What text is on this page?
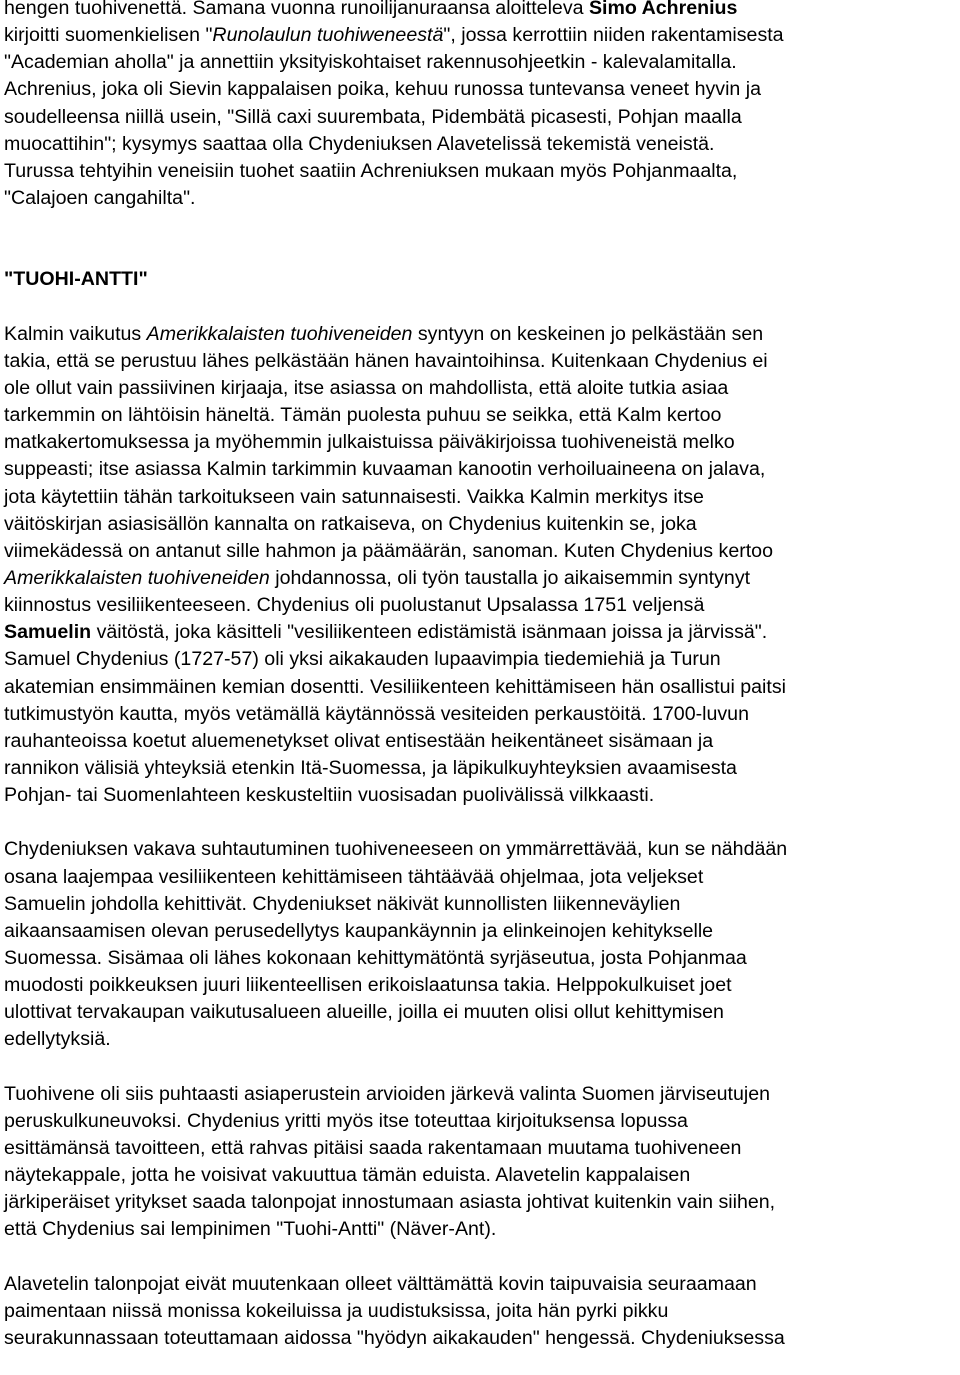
hengen tuohivenettä. Samana vuonna runoilijanuraansa aloitteleva Simo Achrenius
kirjoitti suomenkielisen "Runolaulun tuohiweneestä", jossa kerrottiin niiden rakentamisesta
"Academian aholla" ja annettiin yksityiskohtaiset rakennusohjeetkin - kalevalamitalla.
Achrenius, joka oli Sievin kappalaisen poika, kehuu runossa tuntevansa veneet hyvin ja
soudelleensa niillä usein, "Sillä caxi suurembata, Pidembätä picasesti, Pohjan maalla
muocattihin"; kysymys saattaa olla Chydeniuksen Alavetelissä tekemistä veneistä.
Turussa tehtyihin veneisiin tuohet saatiin Achreniuksen mukaan myös Pohjanmaalta,
"Calajoen cangahilta".

"TUOHI-ANTTI"

Kalmin vaikutus Amerikkalaisten tuohiveneiden syntyyn on keskeinen jo pelkästään sen
takia, että se perustuu lähes pelkästään hänen havaintoihinsa. Kuitenkaan Chydenius ei
ole ollut vain passiivinen kirjaaja, itse asiassa on mahdollista, että aloite tutkia asiaa
tarkemmin on lähtöisin häneltä. Tämän puolesta puhuu se seikka, että Kalm kertoo
matkakertomuksessa ja myöhemmin julkaistuissa päiväkirjoissa tuohiveneistä melko
suppeasti; itse asiassa Kalmin tarkimmin kuvaaman kanootin verhoiluaineena on jalava,
jota käytettiin tähän tarkoitukseen vain satunnaisesti. Vaikka Kalmin merkitys itse
väitöskirjan asiasisällön kannalta on ratkaiseva, on Chydenius kuitenkin se, joka
viimekädessä on antanut sille hahmon ja päämäärän, sanoman. Kuten Chydenius kertoo
Amerikkalaisten tuohiveneiden johdannossa, oli työn taustalla jo aikaisemmin syntynyt
kiinnostus vesiliikenteeseen. Chydenius oli puolustanut Upsalassa 1751 veljensä
Samuelin väitöstä, joka käsitteli "vesiliikenteen edistämistä isänmaan joissa ja järvissä".
Samuel Chydenius (1727-57) oli yksi aikakauden lupaavimpia tiedemiehiä ja Turun
akatemian ensimmäinen kemian dosentti. Vesiliikenteen kehittämiseen hän osallistui paitsi
tutkimustyön kautta, myös vetämällä käytännössä vesiteiden perkaustöitä. 1700-luvun
rauhanteoissa koetut aluemenetykset olivat entisestään heikentäneet sisämaan ja
rannikon välisiä yhteyksiä etenkin Itä-Suomessa, ja läpikulkuyhteyksien avaamisesta
Pohjan- tai Suomenlahteen keskusteltiin vuosisadan puolivälissä vilkkaasti.

Chydeniuksen vakava suhtautuminen tuohiveneeseen on ymmärrettävää, kun se nähdään
osana laajempaa vesiliikenteen kehittämiseen tähtäävää ohjelmaa, jota veljekset
Samuelin johdolla kehittivät. Chydeniukset näkivät kunnollisten liikenneväylien
aikaansaamisen olevan perusedellytys kaupankäynnin ja elinkeinojen kehitykselle
Suomessa. Sisämaa oli lähes kokonaan kehittymätöntä syrjäseutua, josta Pohjanmaa
muodosti poikkeuksen juuri liikenteellisen erikoislaatunsa takia. Helppokulkuiset joet
ulottivat tervakaupan vaikutusalueen alueille, joilla ei muuten olisi ollut kehittymisen
edellytyksiä.

Tuohivene oli siis puhtaasti asiaperustein arvioiden järkevä valinta Suomen järviseutujen
peruskulkuneuvoksi. Chydenius yritti myös itse toteuttaa kirjoituksensa lopussa
esittämänsä tavoitteen, että rahvas pitäisi saada rakentamaan muutama tuohiveneen
näytekappale, jotta he voisivat vakuuttua tämän eduista. Alavetelin kappalaisen
järkiperäiset yritykset saada talonpojat innostumaan asiasta johtivat kuitenkin vain siihen,
että Chydenius sai lempinimen "Tuohi-Antti" (Näver-Ant).

Alavetelin talonpojat eivät muutenkaan olleet välttämättä kovin taipuvaisia seuraamaan
paimentaan niissä monissa kokeiluissa ja uudistuksissa, joita hän pyrki pikku
seurakunnassaan toteuttamaan aidossa "hyödyn aikakauden" hengessä. Chydeniuksessa
